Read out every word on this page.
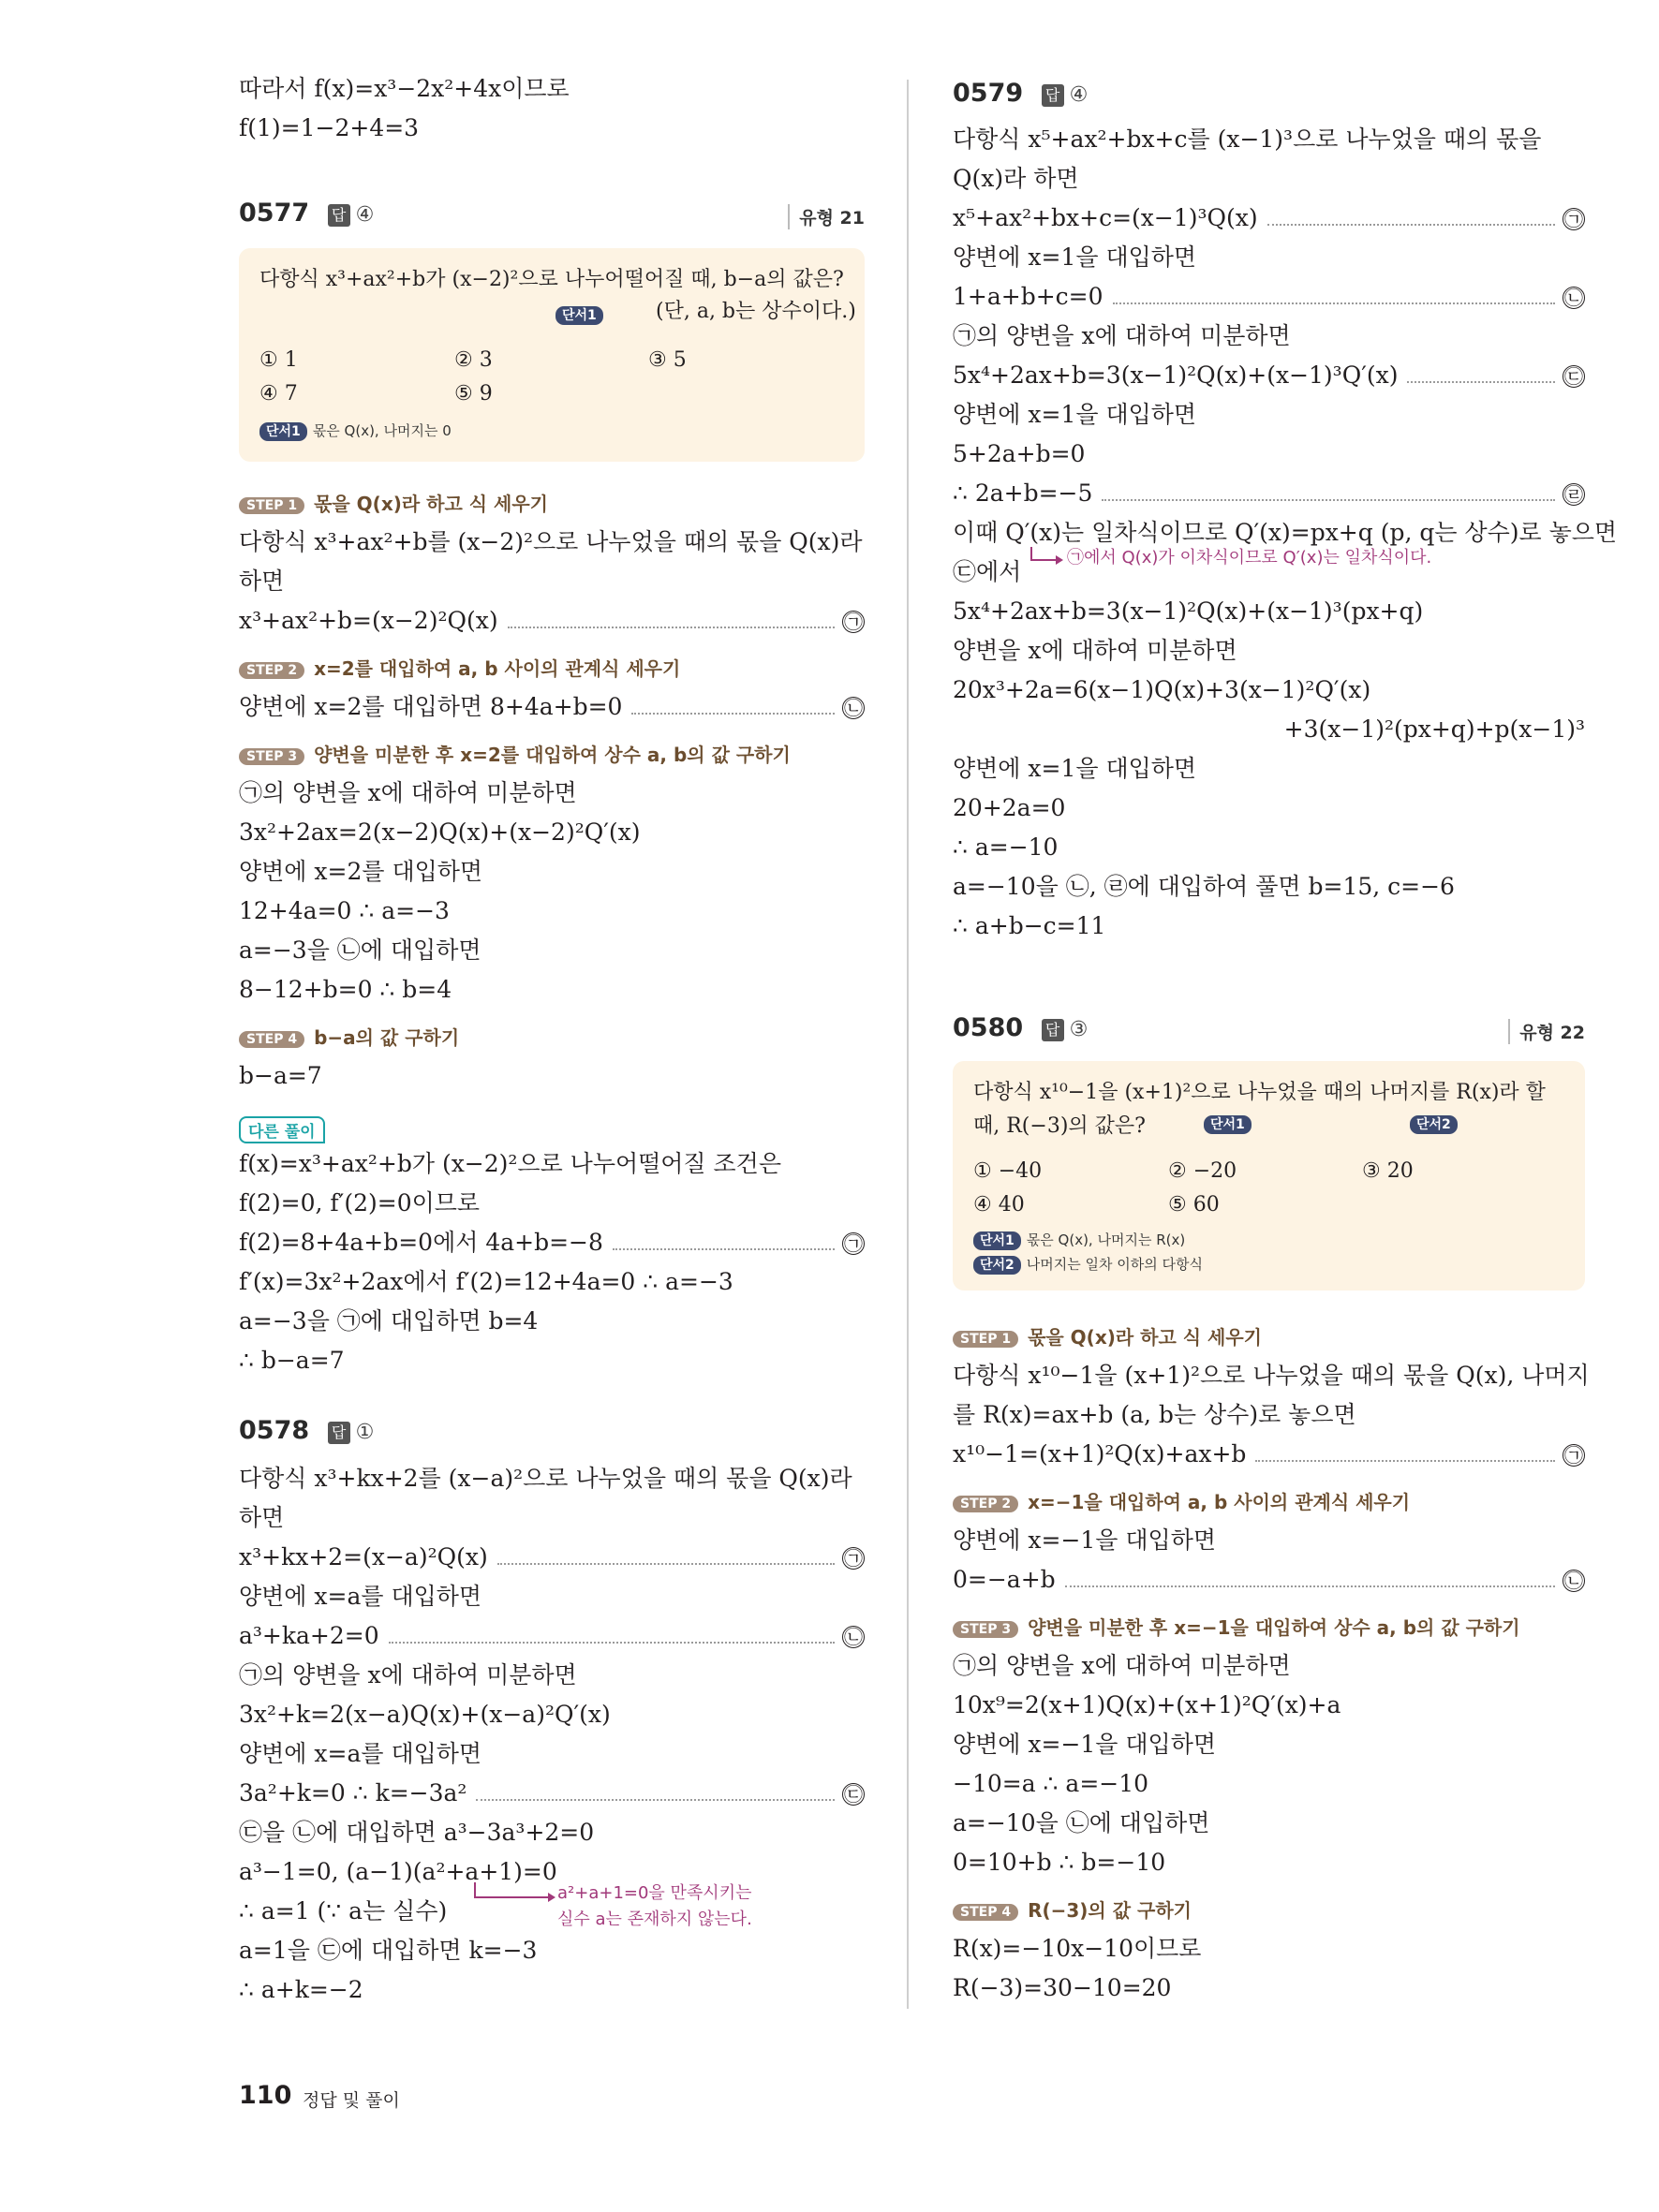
따라서 f(x)=x³−2x²+4x이므로
f(1)=1−2+4=3
0577 답 ④	유형 21
다항식 x³+ax²+b가 (x−2)²으로 나누어떨어질 때, b−a의 값은?
단서1	(단, a, b는 상수이다.)
① 1	② 3	③ 5
④ 7	⑤ 9
단서1 몫은 Q(x), 나머지는 0
STEP 1 몫을 Q(x)라 하고 식 세우기
다항식 x³+ax²+b를 (x−2)²으로 나누었을 때의 몫을 Q(x)라
하면
x³+ax²+b=(x−2)²Q(x)	㉠
STEP 2 x=2를 대입하여 a, b 사이의 관계식 세우기
양변에 x=2를 대입하면 8+4a+b=0	㉡
STEP 3 양변을 미분한 후 x=2를 대입하여 상수 a, b의 값 구하기
㉠의 양변을 x에 대하여 미분하면
3x²+2ax=2(x−2)Q(x)+(x−2)²Q′(x)
양변에 x=2를 대입하면
12+4a=0 ∴ a=−3
a=−3을 ㉡에 대입하면
8−12+b=0 ∴ b=4
STEP 4 b−a의 값 구하기
b−a=7
다른 풀이
f(x)=x³+ax²+b가 (x−2)²으로 나누어떨어질 조건은
f(2)=0, f′(2)=0이므로
f(2)=8+4a+b=0에서 4a+b=−8	㉠
f′(x)=3x²+2ax에서 f′(2)=12+4a=0 ∴ a=−3
a=−3을 ㉠에 대입하면 b=4
∴ b−a=7
0578 답 ①
다항식 x³+kx+2를 (x−a)²으로 나누었을 때의 몫을 Q(x)라
하면
x³+kx+2=(x−a)²Q(x)	㉠
양변에 x=a를 대입하면
a³+ka+2=0	㉡
㉠의 양변을 x에 대하여 미분하면
3x²+k=2(x−a)Q(x)+(x−a)²Q′(x)
양변에 x=a를 대입하면
3a²+k=0 ∴ k=−3a²	㉢
㉢을 ㉡에 대입하면 a³−3a³+2=0
a³−1=0, (a−1)(a²+a+1)=0
∴ a=1 (∵ a는 실수)
a=1을 ㉢에 대입하면 k=−3
∴ a+k=−2
a²+a+1=0을 만족시키는
실수 a는 존재하지 않는다.
0579 답 ④
다항식 x⁵+ax²+bx+c를 (x−1)³으로 나누었을 때의 몫을
Q(x)라 하면
x⁵+ax²+bx+c=(x−1)³Q(x)	㉠
양변에 x=1을 대입하면
1+a+b+c=0	㉡
㉠의 양변을 x에 대하여 미분하면
5x⁴+2ax+b=3(x−1)²Q(x)+(x−1)³Q′(x)	㉢
양변에 x=1을 대입하면
5+2a+b=0
∴ 2a+b=−5	㉣
이때 Q′(x)는 일차식이므로 Q′(x)=px+q (p, q는 상수)로 놓으면
㉢에서
㉠에서 Q(x)가 이차식이므로 Q′(x)는 일차식이다.
5x⁴+2ax+b=3(x−1)²Q(x)+(x−1)³(px+q)
양변을 x에 대하여 미분하면
20x³+2a=6(x−1)Q(x)+3(x−1)²Q′(x)
+3(x−1)²(px+q)+p(x−1)³
양변에 x=1을 대입하면
20+2a=0
∴ a=−10
a=−10을 ㉡, ㉣에 대입하여 풀면 b=15, c=−6
∴ a+b−c=11
0580 답 ③	유형 22
다항식 x¹⁰−1을 (x+1)²으로 나누었을 때의 나머지를 R(x)라 할
때, R(−3)의 값은?	단서1	단서2
① −40	② −20	③ 20
④ 40	⑤ 60
단서1 몫은 Q(x), 나머지는 R(x)
단서2 나머지는 일차 이하의 다항식
STEP 1 몫을 Q(x)라 하고 식 세우기
다항식 x¹⁰−1을 (x+1)²으로 나누었을 때의 몫을 Q(x), 나머지
를 R(x)=ax+b (a, b는 상수)로 놓으면
x¹⁰−1=(x+1)²Q(x)+ax+b	㉠
STEP 2 x=−1을 대입하여 a, b 사이의 관계식 세우기
양변에 x=−1을 대입하면
0=−a+b	㉡
STEP 3 양변을 미분한 후 x=−1을 대입하여 상수 a, b의 값 구하기
㉠의 양변을 x에 대하여 미분하면
10x⁹=2(x+1)Q(x)+(x+1)²Q′(x)+a
양변에 x=−1을 대입하면
−10=a ∴ a=−10
a=−10을 ㉡에 대입하면
0=10+b ∴ b=−10
STEP 4 R(−3)의 값 구하기
R(x)=−10x−10이므로
R(−3)=30−10=20
110 정답 및 풀이
